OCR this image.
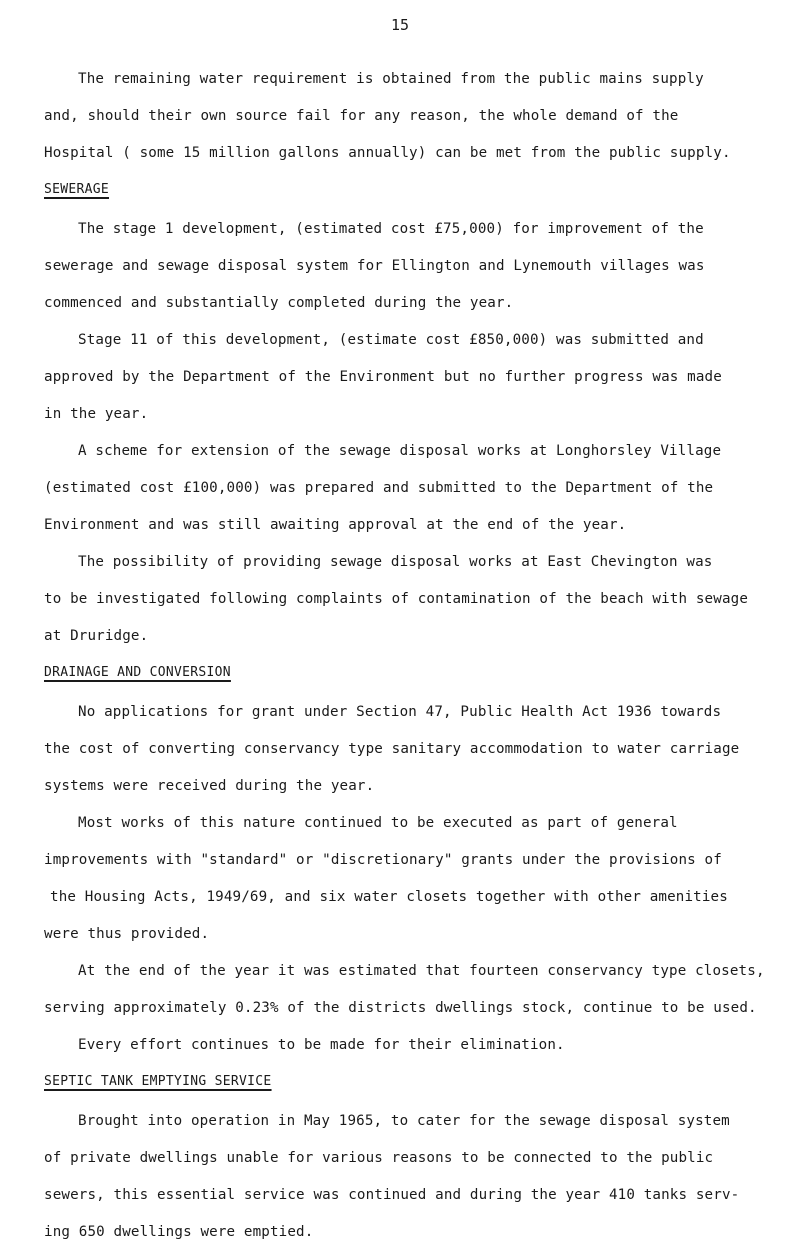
15
The remaining water requirement is obtained from the public mains supply
and, should their own source fail for any reason, the whole demand of the
Hospital ( some 15 million gallons annually) can be met from the public supply.
SEWERAGE
The stage 1 development, (estimated cost £75,000) for improvement of the
sewerage and sewage disposal system for Ellington and Lynemouth villages was
commenced and substantially completed during the year.
Stage 11 of this development, (estimate cost £850,000) was submitted and
approved by the Department of the Environment but no further progress was made
in the year.
A scheme for extension of the sewage disposal works at Longhorsley Village
(estimated cost £100,000) was prepared and submitted to the Department of the
Environment and was still awaiting approval at the end of the year.
The possibility of providing sewage disposal works at East Chevington was
to be investigated following complaints of contamination of the beach with sewage
at Druridge.
DRAINAGE AND CONVERSION
No applications for grant under Section 47, Public Health Act 1936 towards
the cost of converting conservancy type sanitary accommodation to water carriage
systems were received during the year.
Most works of this nature continued to be executed as part of general
improvements with "standard" or "discretionary" grants under the provisions of
the Housing Acts, 1949/69, and six water closets together with other amenities
were thus provided.
At the end of the year it was estimated that fourteen conservancy type closets,
serving approximately 0.23% of the districts dwellings stock, continue to be used.
Every effort continues to be made for their elimination.
SEPTIC TANK EMPTYING SERVICE
Brought into operation in May 1965, to cater for the sewage disposal system
of private dwellings unable for various reasons to be connected to the public
sewers, this essential service was continued and during the year 410 tanks serv-
ing 650 dwellings were emptied.
